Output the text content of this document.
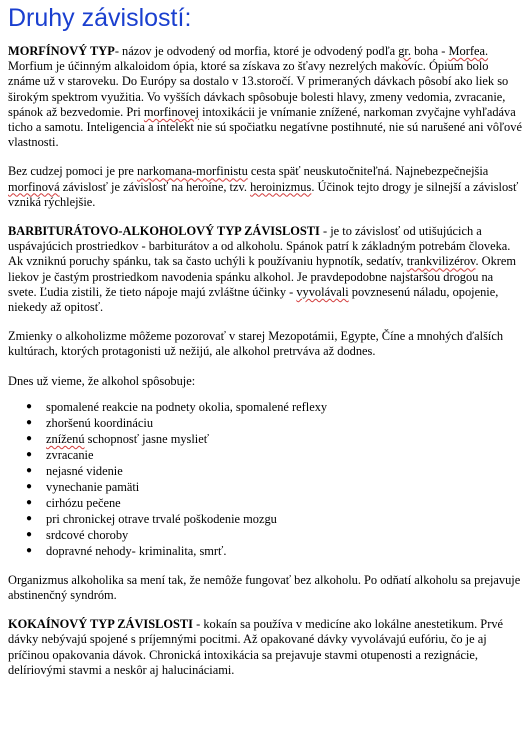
Druhy závislostí:

MORFÍNOVÝ TYP- názov je odvodený od morfia, ktoré je odvodený podľa gr. boha - Morfea.
Morfium je účinným alkaloidom ópia, ktoré sa získava zo šťavy nezrelých makovíc. Ópium bolo známe už v staroveku. Do Európy sa dostalo v 13.storočí. V primeraných dávkach pôsobí ako liek so širokým spektrom využitia. Vo vyšších dávkach spôsobuje bolesti hlavy, zmeny vedomia, zvracanie, spánok až bezvedomie. Pri morfinovej intoxikácii je vnímanie znížené, narkoman zvyčajne vyhľadáva ticho a samotu. Inteligencia a intelekt nie sú spočiatku negatívne postihnuté, nie sú narušené ani vôľové vlastnosti.

Bez cudzej pomoci je pre narkomana-morfinistu cesta späť neuskutočniteľná. Najnebezpečnejšia morfinová závislosť je závislosť na heroíne, tzv. heroinizmus. Účinok tejto drogy je silnejší a závislosť vzniká rýchlejšie.

BARBITURÁTOVO-ALKOHOLOVÝ TYP ZÁVISLOSTI - je to závislosť od utišujúcich a uspávajúcich prostriedkov - barbiturátov a od alkoholu. Spánok patrí k základným potrebám človeka. Ak vzniknú poruchy spánku, tak sa často uchýli k používaniu hypnotík, sedatív, trankvilizérov. Okrem liekov je častým prostriedkom navodenia spánku alkohol. Je pravdepodobne najstaršou drogou na svete. Ľudia zistili, že tieto nápoje majú zvláštne účinky - vyvolávali povznesenú náladu, opojenie, niekedy až opitosť.

Zmienky o alkoholizme môžeme pozorovať v starej Mezopotámii, Egypte, Číne a mnohých ďalších kultúrach, ktorých protagonisti už nežijú, ale alkohol pretrváva až dodnes.

Dnes už vieme, že alkohol spôsobuje:

● spomalené reakcie na podnety okolia, spomalené reflexy
● zhoršenú koordináciu
● zníženú schopnosť jasne myslieť
● zvracanie
● nejasné videnie
● vynechanie pamäti
● cirhózu pečene
● pri chronickej otrave trvalé poškodenie mozgu
● srdcové choroby
● dopravné nehody- kriminalita, smrť.

Organizmus alkoholika sa mení tak, že nemôže fungovať bez alkoholu. Po odňatí alkoholu sa prejavuje abstinenčný syndróm.

KOKAÍNOVÝ TYP ZÁVISLOSTI - kokaín sa používa v medicíne ako lokálne anestetikum. Prvé dávky nebývajú spojené s príjemnými pocitmi. Až opakované dávky vyvolávajú eufóriu, čo je aj príčinou opakovania dávok. Chronická intoxikácia sa prejavuje stavmi otupenosti a rezignácie, delíriovými stavmi a neskôr aj halucináciami.
